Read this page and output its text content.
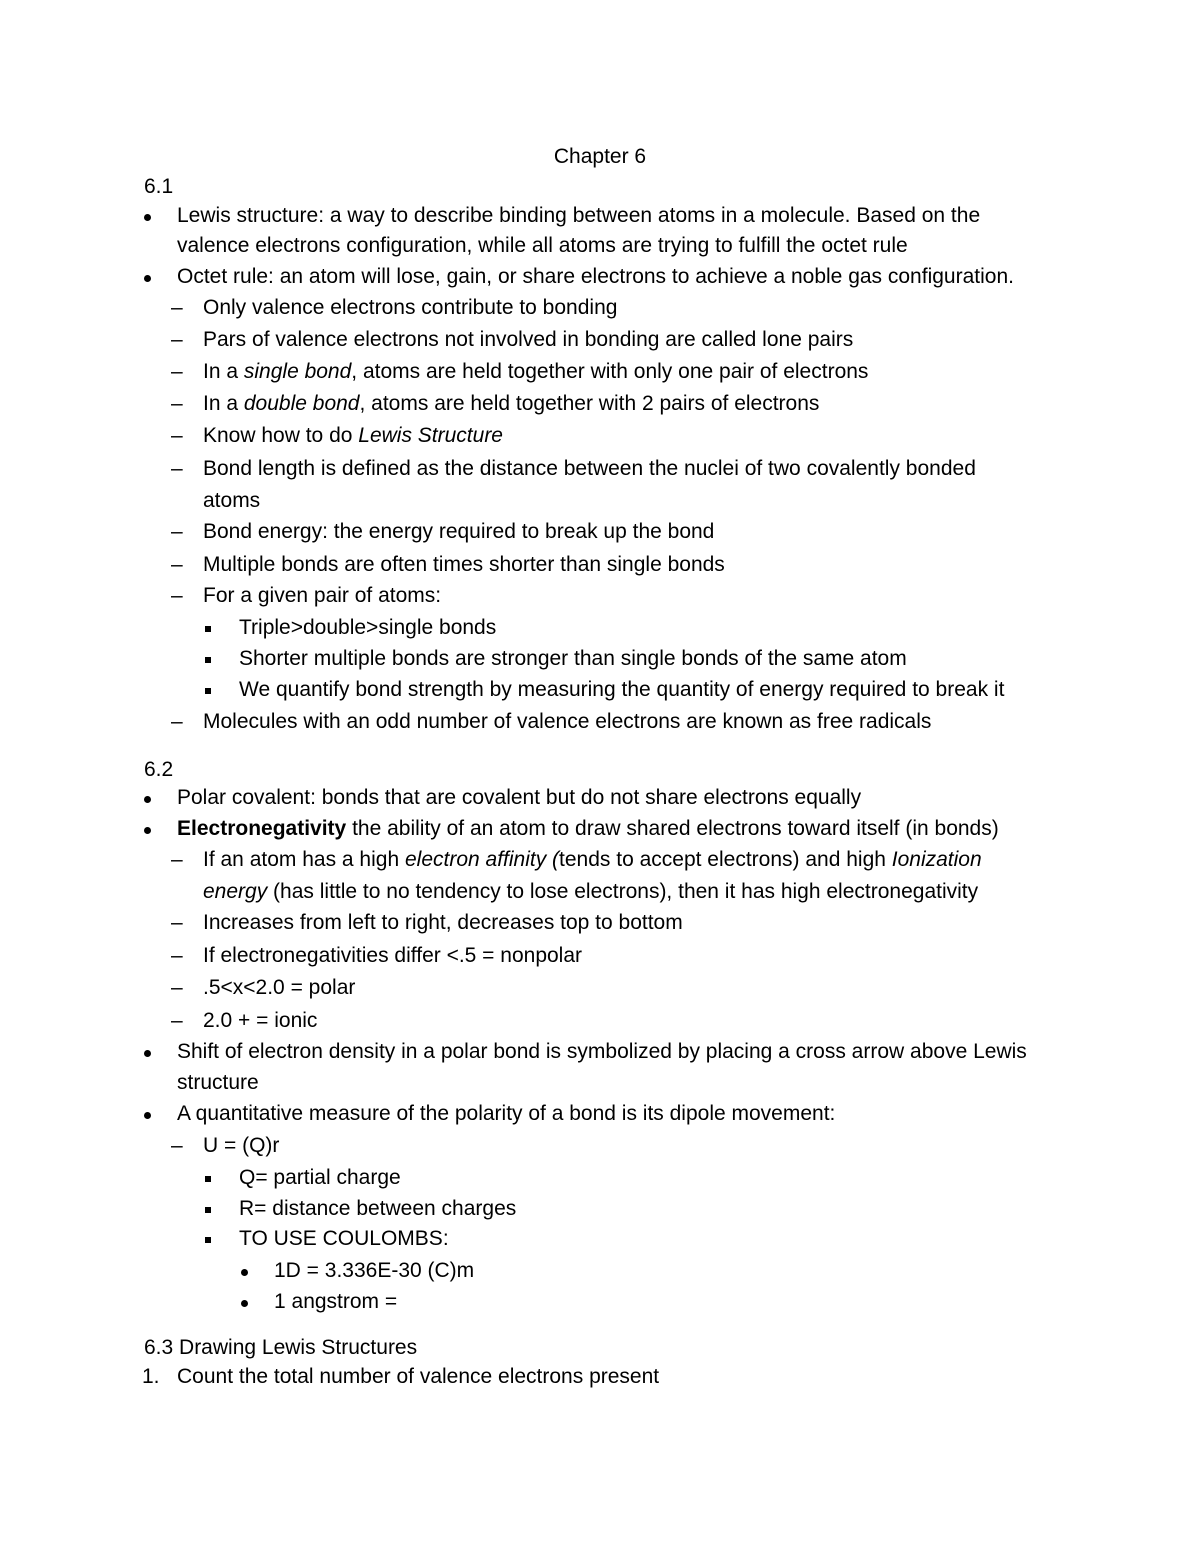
Chapter 6
6.1
Lewis structure: a way to describe binding between atoms in a molecule. Based on the
valence electrons configuration, while all atoms are trying to fulfill the octet rule
Octet rule: an atom will lose, gain, or share electrons to achieve a noble gas configuration.
– Only valence electrons contribute to bonding
– Pars of valence electrons not involved in bonding are called lone pairs
– In a single bond, atoms are held together with only one pair of electrons
– In a double bond, atoms are held together with 2 pairs of electrons
– Know how to do Lewis Structure
– Bond length is defined as the distance between the nuclei of two covalently bonded
atoms
– Bond energy: the energy required to break up the bond
– Multiple bonds are often times shorter than single bonds
– For a given pair of atoms:
Triple>double>single bonds
Shorter multiple bonds are stronger than single bonds of the same atom
We quantify bond strength by measuring the quantity of energy required to break it
– Molecules with an odd number of valence electrons are known as free radicals
6.2
Polar covalent: bonds that are covalent but do not share electrons equally
Electronegativity the ability of an atom to draw shared electrons toward itself (in bonds)
– If an atom has a high electron affinity (tends to accept electrons) and high Ionization
energy (has little to no tendency to lose electrons), then it has high electronegativity
– Increases from left to right, decreases top to bottom
– If electronegativities differ <.5 = nonpolar
– .5<x<2.0 = polar
– 2.0 + = ionic
Shift of electron density in a polar bond is symbolized by placing a cross arrow above Lewis
structure
A quantitative measure of the polarity of a bond is its dipole movement:
– U = (Q)r
Q= partial charge
R= distance between charges
TO USE COULOMBS:
1D = 3.336E-30 (C)m
1 angstrom =
6.3 Drawing Lewis Structures
1. Count the total number of valence electrons present
